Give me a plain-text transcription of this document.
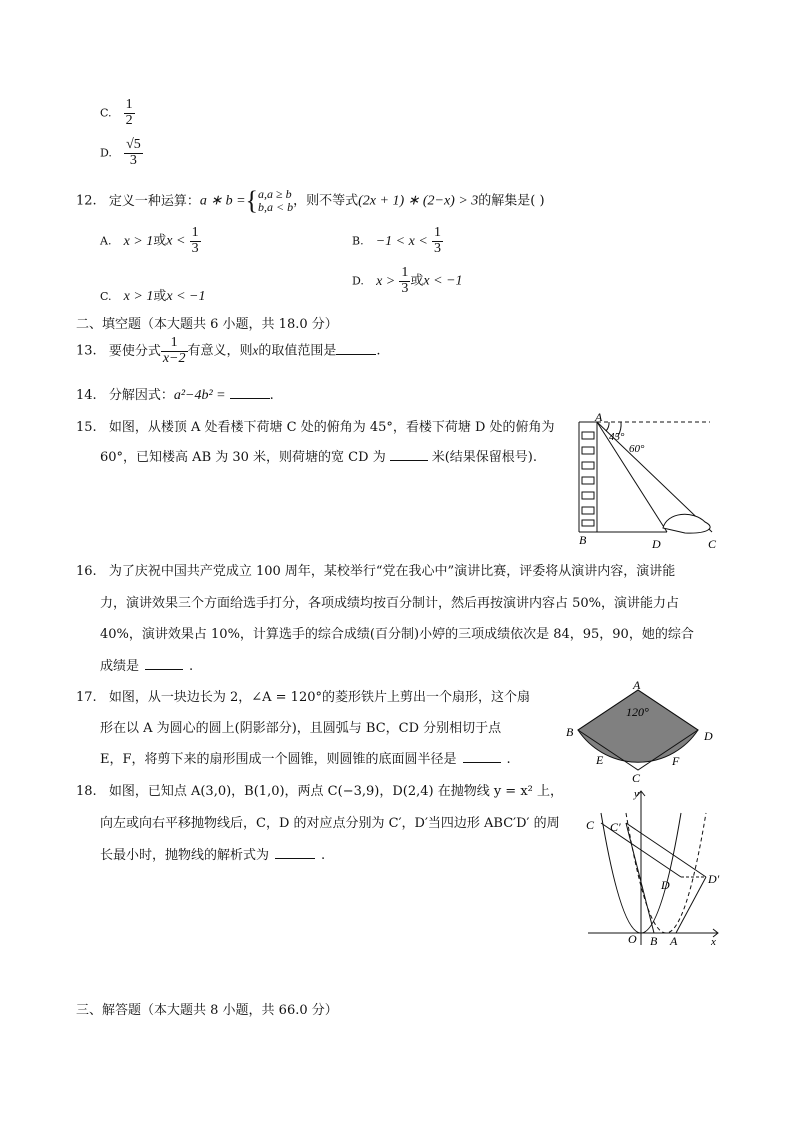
C. $\frac{1}{2}$
D. $\frac{√5}{3}$
12. 定义一种运算：a ∗ b ={ a,a ≥ b
b,a < b ，则不等式(2x + 1) ∗ (2−x) > 3的解集是( )
A. x > 1或$x < \frac{1}{3}$	B. $-1 < x < \frac{1}{3}$
C. x > 1或x < −1
D. $x > \frac{1}{3}$ 或x < −1
二、填空题（本大题共 6 小题，共 18.0 分）
13. 要使分式 $\frac{1}{x-2}$ 有意义，则x的取值范围是	.
14. 分解因式：a²−4b² =	.
15. 如图，从楼顶 A 处看楼下荷塘 C 处的俯角为 45°，看楼下荷塘 D 处的俯角为
60°，已知楼高 AB 为 30 米，则荷塘的宽 CD 为	米(结果保留根号).
A
B	D	C
45°
60°
16. 为了庆祝中国共产党成立 100 周年，某校举行“党在我心中”演讲比赛，评委将从演讲内容，演讲能
力，演讲效果三个方面给选手打分，各项成绩均按百分制计，然后再按演讲内容占 50%，演讲能力占
40%，演讲效果占 10%，计算选手的综合成绩(百分制)小婷的三项成绩依次是 84，95，90，她的综合
成绩是	.
17. 如图，从一块边长为 2，∠A = 120°的菱形铁片上剪出一个扇形，这个扇
形在以 A 为圆心的圆上(阴影部分)，且圆弧与 BC，CD 分别相切于点
E，F，将剪下来的扇形围成一个圆锥，则圆锥的底面圆半径是	.
A
B
C
D
E	F
120°
18. 如图，已知点 A(3,0)，B(1,0)，两点 C(−3,9)，D(2,4) 在抛物线 y = x² 上，
向左或向右平移抛物线后，C，D 的对应点分别为 C′，D′当四边形 ABC′D′ 的周
长最小时，抛物线的解析式为	.
y
x
O B A
C C′
D	D′
三、解答题（本大题共 8 小题，共 66.0 分）
